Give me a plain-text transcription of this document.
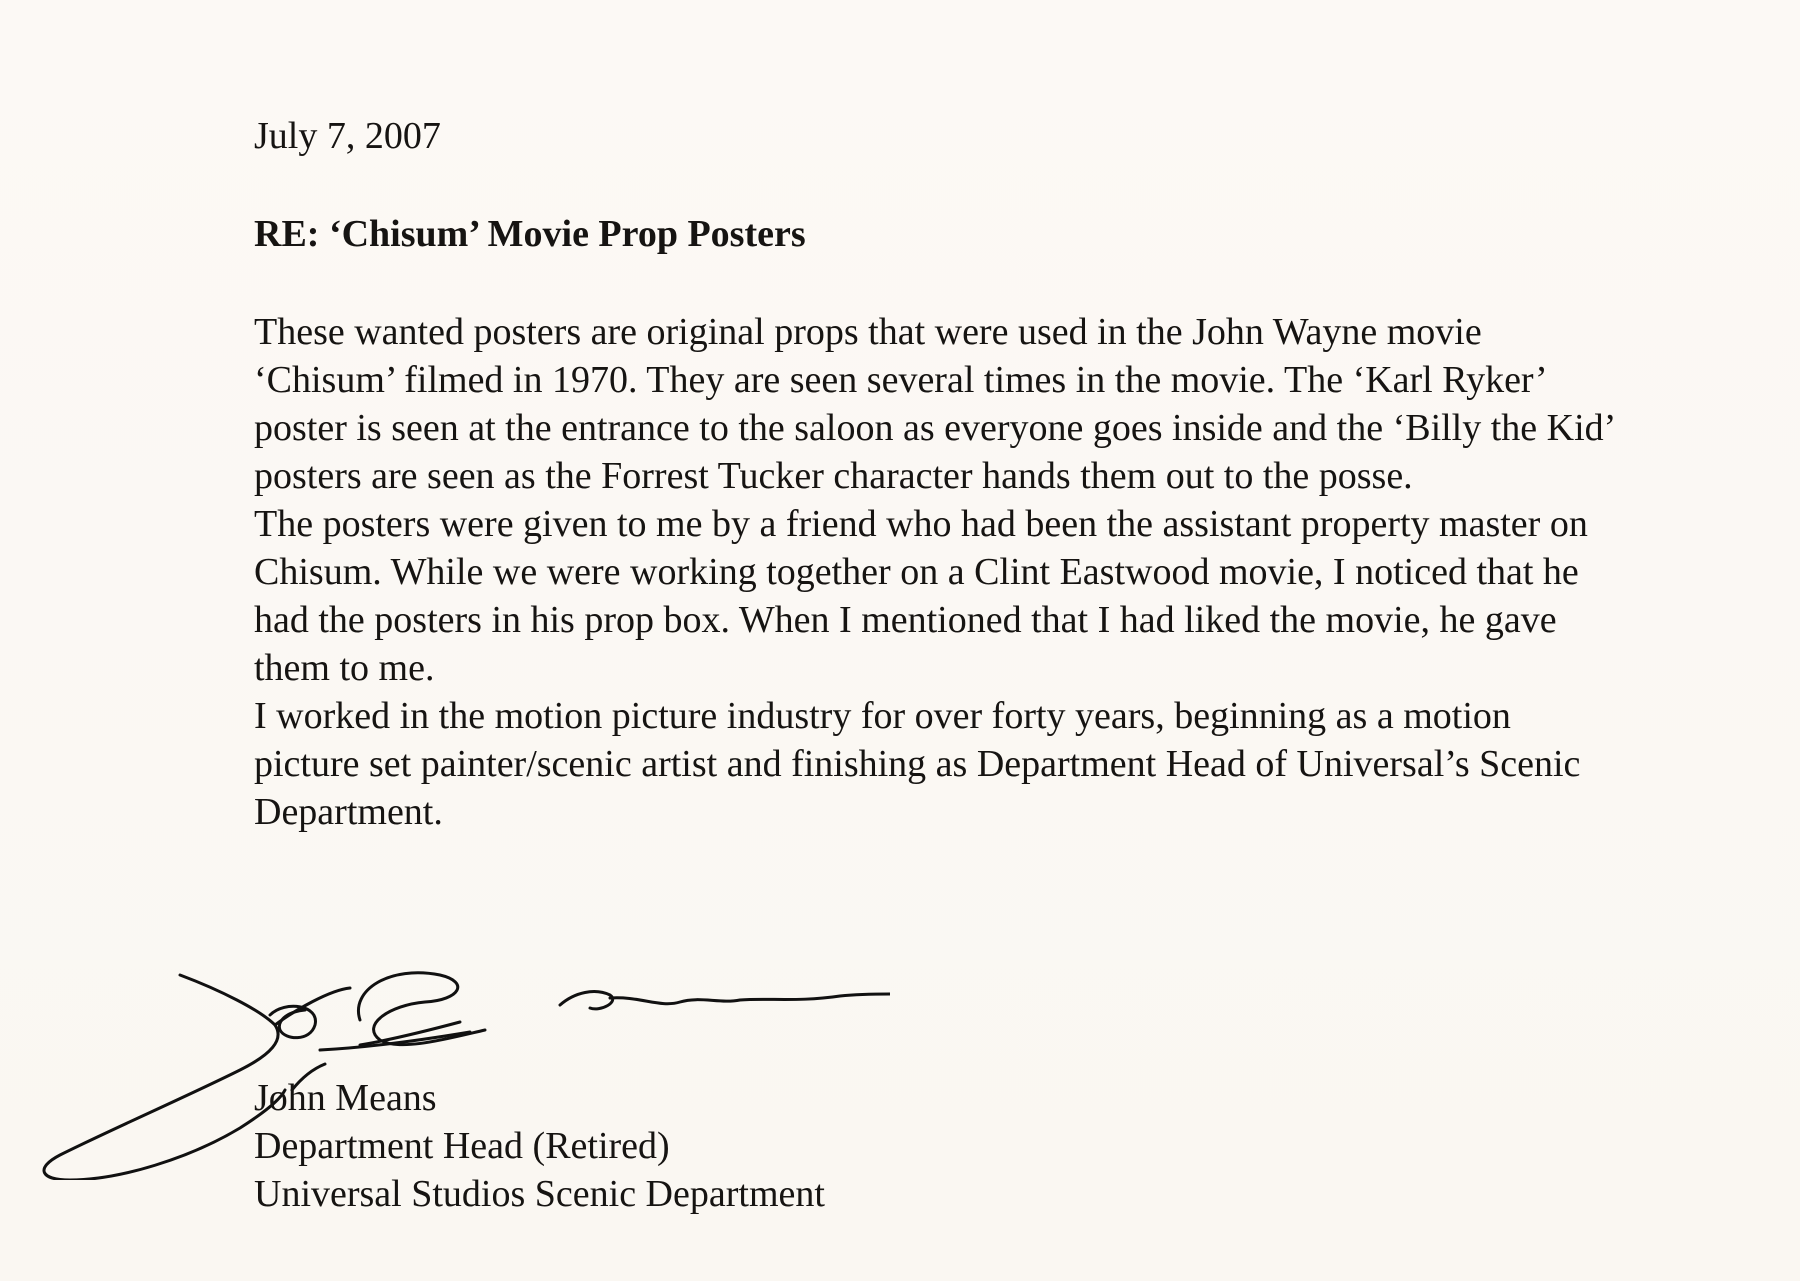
July 7, 2007
RE: ‘Chisum’ Movie Prop Posters
These wanted posters are original props that were used in the John Wayne movie
‘Chisum’ filmed in 1970. They are seen several times in the movie. The ‘Karl Ryker’
poster is seen at the entrance to the saloon as everyone goes inside and the ‘Billy the Kid’
posters are seen as the Forrest Tucker character hands them out to the posse.
The posters were given to me by a friend who had been the assistant property master on
Chisum. While we were working together on a Clint Eastwood movie, I noticed that he
had the posters in his prop box. When I mentioned that I had liked the movie, he gave
them to me.
I worked in the motion picture industry for over forty years, beginning as a motion
picture set painter/scenic artist and finishing as Department Head of Universal’s Scenic
Department.
John Means
Department Head (Retired)
Universal Studios Scenic Department
